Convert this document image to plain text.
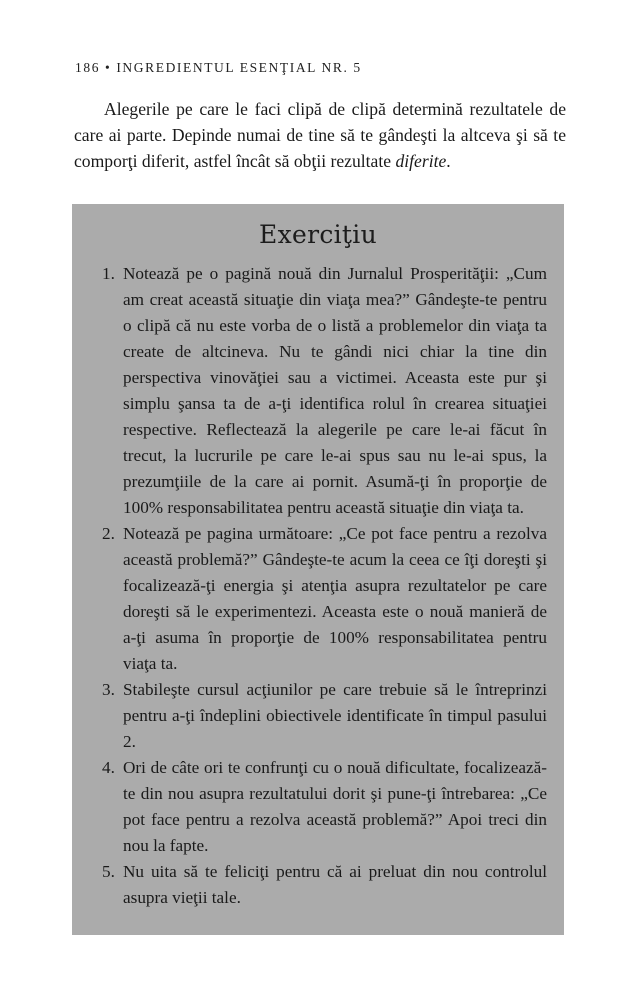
186 • INGREDIENTUL ESENŢIAL NR. 5

Alegerile pe care le faci clipă de clipă determină rezultatele de care ai parte. Depinde numai de tine să te gândeşti la altceva şi să te comporţi diferit, astfel încât să obţii rezultate diferite.

Exerciţiu
1. Notează pe o pagină nouă din Jurnalul Prosperităţii: „Cum am creat această situaţie din viaţa mea?” Gândeşte-te pentru o clipă că nu este vorba de o listă a problemelor din viaţa ta create de altcineva. Nu te gândi nici chiar la tine din perspectiva vinovăţiei sau a victimei. Aceasta este pur şi simplu şansa ta de a-ţi identifica rolul în crearea situaţiei respective. Reflectează la alegerile pe care le-ai făcut în trecut, la lucrurile pe care le-ai spus sau nu le-ai spus, la prezumţiile de la care ai pornit. Asumă-ţi în proporţie de 100% responsabilitatea pentru această situaţie din viaţa ta.
2. Notează pe pagina următoare: „Ce pot face pentru a rezolva această problemă?” Gândeşte-te acum la ceea ce îţi doreşti şi focalizează-ţi energia şi atenţia asupra rezultatelor pe care doreşti să le experimentezi. Aceasta este o nouă manieră de a-ţi asuma în proporţie de 100% responsabilitatea pentru viaţa ta.
3. Stabileşte cursul acţiunilor pe care trebuie să le întreprinzi pentru a-ţi îndeplini obiectivele identificate în timpul pasului 2.
4. Ori de câte ori te confrunţi cu o nouă dificultate, focalizează-te din nou asupra rezultatului dorit şi pune-ţi întrebarea: „Ce pot face pentru a rezolva această problemă?” Apoi treci din nou la fapte.
5. Nu uita să te feliciţi pentru că ai preluat din nou controlul asupra vieţii tale.
